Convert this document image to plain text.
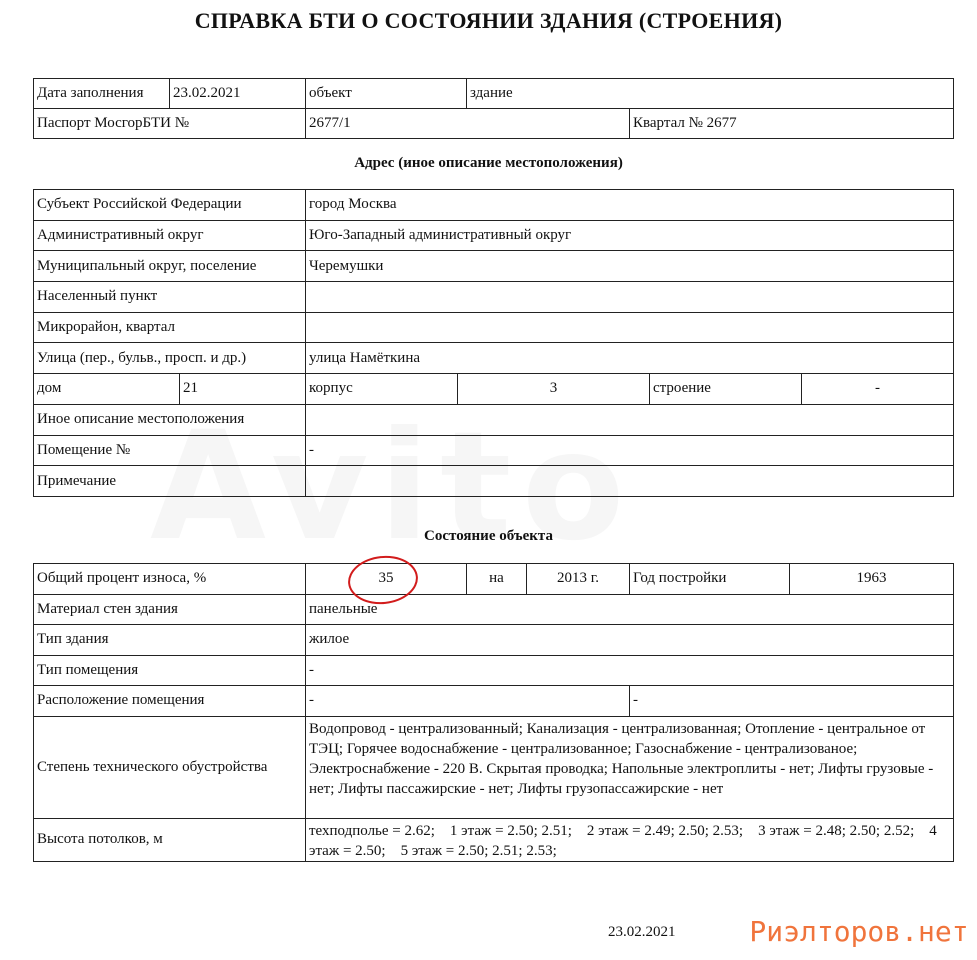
СПРАВКА БТИ О СОСТОЯНИИ ЗДАНИЯ (СТРОЕНИЯ)
Дата заполнения	23.02.2021	объект	здание	
Паспорт МосгорБТИ №		2677/1		Квартал № 2677
Адрес (иное описание местоположения)
Субъект Российской Федерации		город Москва			
Административный округ		Юго-Западный административный округ			
Муниципальный округ, поселение		Черемушки			
Населенный пункт					
Микрорайон, квартал					
Улица (пер., бульв., просп. и др.)		улица Намёткина			
дом	21	корпус	3	строение	-
Иное описание местоположения					
Помещение №		-			
Примечание					
Состояние объекта
Общий процент износа, %	35	на	2013 г.	Год постройки	1963
Материал стен здания	панельные				
Тип здания	жилое				
Тип помещения	-				
Расположение помещения	-			-	
Степень технического обустройства	Водопровод - централизованный; Канализация - централизованная; Отопление - центральное от ТЭЦ; Горячее водоснабжение - централизованное; Газоснабжение - централизованое; Электроснабжение - 220 В. Скрытая проводка; Напольные электроплиты - нет; Лифты грузовые - нет; Лифты пассажирские - нет; Лифты грузопассажирские - нет				
Высота потолков, м	техподполье = 2.62;    1 этаж = 2.50; 2.51;    2 этаж = 2.49; 2.50; 2.53;    3 этаж = 2.48; 2.50; 2.52;    4 этаж = 2.50;    5 этаж = 2.50; 2.51; 2.53;				
23.02.2021	Риэлторов.нет
